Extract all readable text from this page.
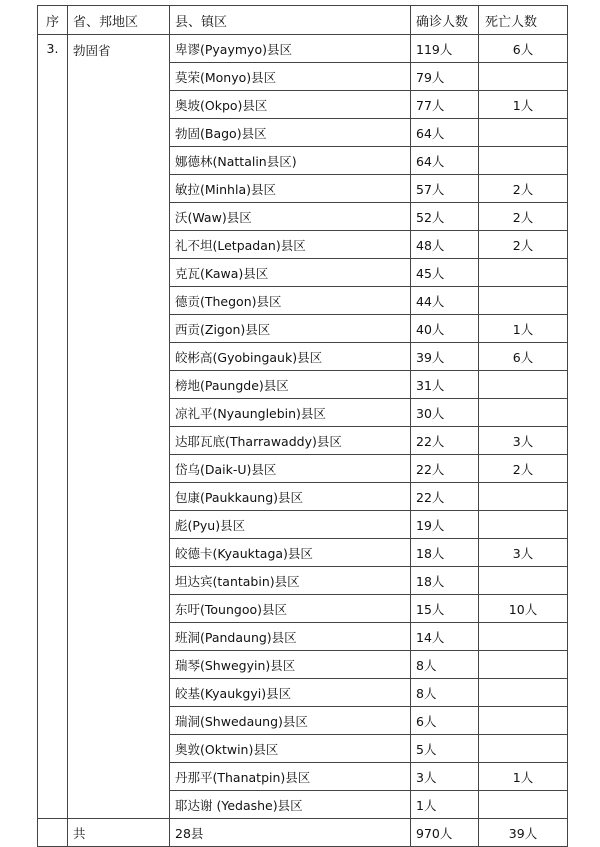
序	省、邦地区	县、镇区	确诊人数	死亡人数
3.	勃固省	卑谬(Pyaymyo)县区	119人	6人
		莫荣(Monyo)县区	79人	
		奥坡(Okpo)县区	77人	1人
		勃固(Bago)县区	64人	
		娜德林(Nattalin县区)	64人	
		敏拉(Minhla)县区	57人	2人
		沃(Waw)县区	52人	2人
		礼不坦(Letpadan)县区	48人	2人
		克瓦(Kawa)县区	45人	
		德贡(Thegon)县区	44人	
		西贡(Zigon)县区	40人	1人
		皎彬高(Gyobingauk)县区	39人	6人
		榜地(Paungde)县区	31人	
		凉礼平(Nyaunglebin)县区	30人	
		达耶瓦底(Tharrawaddy)县区	22人	3人
		岱乌(Daik-U)县区	22人	2人
		包康(Paukkaung)县区	22人	
		彪(Pyu)县区	19人	
		皎德卡(Kyauktaga)县区	18人	3人
		坦达宾(tantabin)县区	18人	
		东吁(Toungoo)县区	15人	10人
		班洞(Pandaung)县区	14人	
		瑞琴(Shwegyin)县区	8人	
		皎基(Kyaukgyi)县区	8人	
		瑞洞(Shwedaung)县区	6人	
		奥敦(Oktwin)县区	5人	
		丹那平(Thanatpin)县区	3人	1人
		耶达谢 (Yedashe)县区	1人	
	共	28县	970人	39人
